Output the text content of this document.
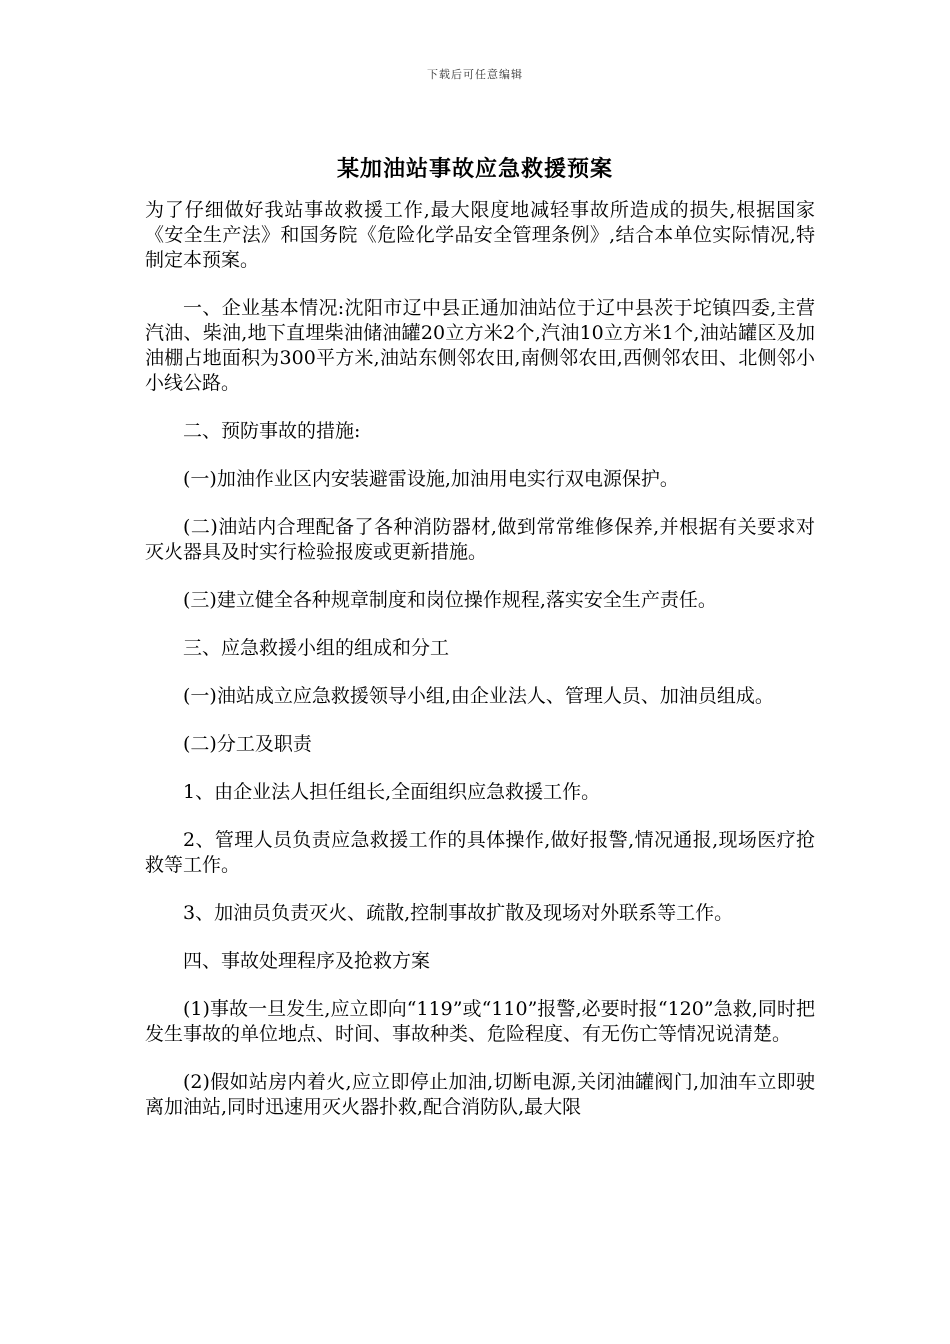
下载后可任意编辑
某加油站事故应急救援预案

为了仔细做好我站事故救援工作,最大限度地减轻事故所造成的损失,根据国家《安全生产法》和国务院《危险化学品安全管理条例》,结合本单位实际情况,特制定本预案。

一、企业基本情况:沈阳市辽中县正通加油站位于辽中县茨于坨镇四委,主营汽油、柴油,地下直埋柴油储油罐20立方米2个,汽油10立方米1个,油站罐区及加油棚占地面积为300平方米,油站东侧邻农田,南侧邻农田,西侧邻农田、北侧邻小小线公路。

二、预防事故的措施:

(一)加油作业区内安装避雷设施,加油用电实行双电源保护。

(二)油站内合理配备了各种消防器材,做到常常维修保养,并根据有关要求对灭火器具及时实行检验报废或更新措施。

(三)建立健全各种规章制度和岗位操作规程,落实安全生产责任。

三、应急救援小组的组成和分工

(一)油站成立应急救援领导小组,由企业法人、管理人员、加油员组成。

(二)分工及职责

1、由企业法人担任组长,全面组织应急救援工作。

2、管理人员负责应急救援工作的具体操作,做好报警,情况通报,现场医疗抢救等工作。

3、加油员负责灭火、疏散,控制事故扩散及现场对外联系等工作。

四、事故处理程序及抢救方案

(1)事故一旦发生,应立即向“119”或“110”报警,必要时报“120”急救,同时把发生事故的单位地点、时间、事故种类、危险程度、有无伤亡等情况说清楚。

(2)假如站房内着火,应立即停止加油,切断电源,关闭油罐阀门,加油车立即驶离加油站,同时迅速用灭火器扑救,配合消防队,最大限
